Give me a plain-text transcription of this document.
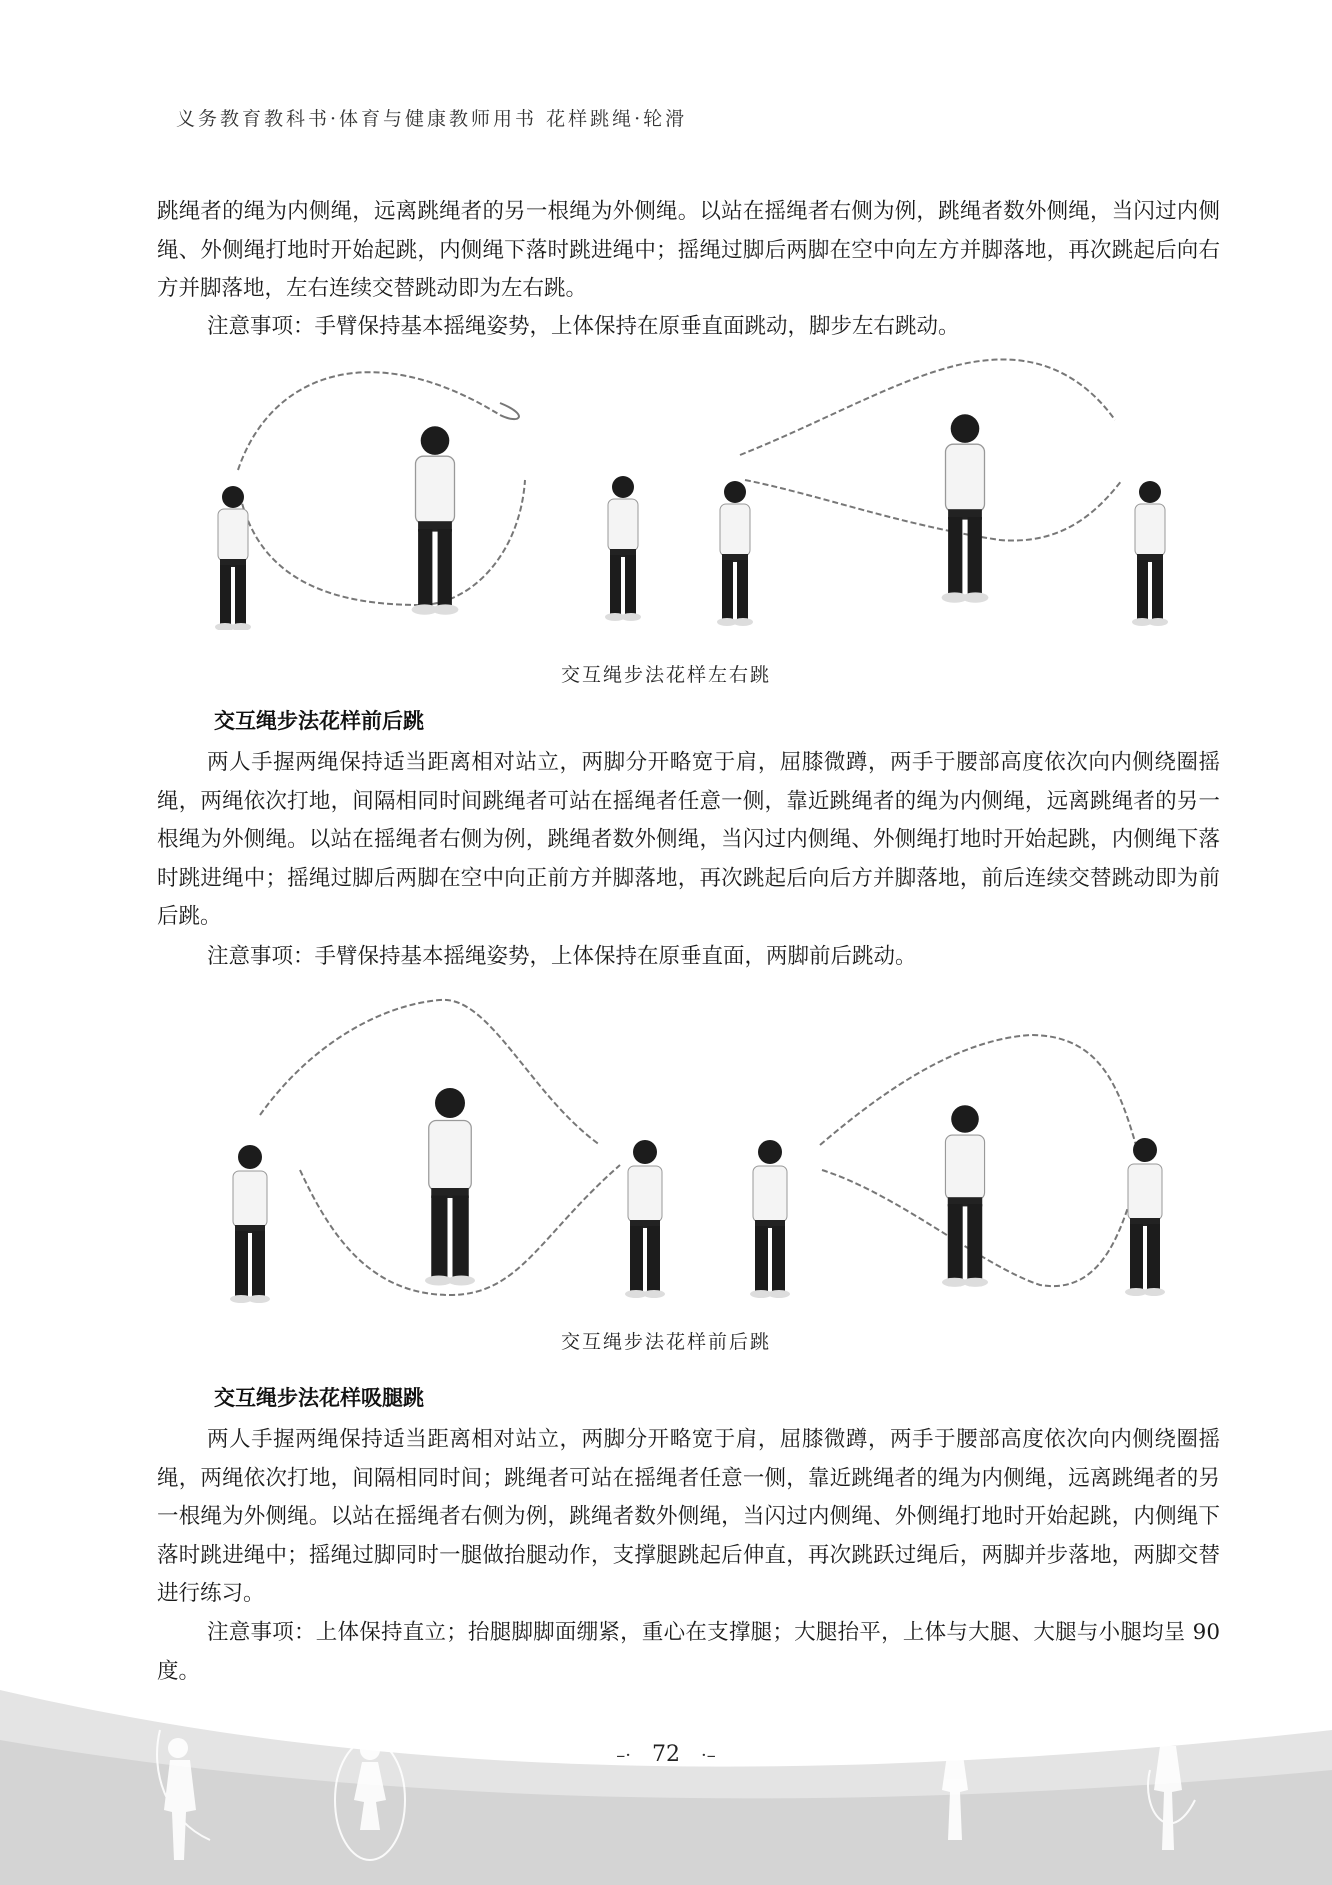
义务教育教科书·体育与健康教师用书 花样跳绳·轮滑

跳绳者的绳为内侧绳，远离跳绳者的另一根绳为外侧绳。以站在摇绳者右侧为例，跳绳者数外侧绳，当闪过内侧绳、外侧绳打地时开始起跳，内侧绳下落时跳进绳中；摇绳过脚后两脚在空中向左方并脚落地，再次跳起后向右方并脚落地，左右连续交替跳动即为左右跳。

注意事项：手臂保持基本摇绳姿势，上体保持在原垂直面跳动，脚步左右跳动。

交互绳步法花样左右跳
交互绳步法花样前后跳

两人手握两绳保持适当距离相对站立，两脚分开略宽于肩，屈膝微蹲，两手于腰部高度依次向内侧绕圈摇绳，两绳依次打地，间隔相同时间跳绳者可站在摇绳者任意一侧，靠近跳绳者的绳为内侧绳，远离跳绳者的另一根绳为外侧绳。以站在摇绳者右侧为例，跳绳者数外侧绳，当闪过内侧绳、外侧绳打地时开始起跳，内侧绳下落时跳进绳中；摇绳过脚后两脚在空中向正前方并脚落地，再次跳起后向后方并脚落地，前后连续交替跳动即为前后跳。

注意事项：手臂保持基本摇绳姿势，上体保持在原垂直面，两脚前后跳动。

交互绳步法花样前后跳
交互绳步法花样吸腿跳

两人手握两绳保持适当距离相对站立，两脚分开略宽于肩，屈膝微蹲，两手于腰部高度依次向内侧绕圈摇绳，两绳依次打地，间隔相同时间；跳绳者可站在摇绳者任意一侧，靠近跳绳者的绳为内侧绳，远离跳绳者的另一根绳为外侧绳。以站在摇绳者右侧为例，跳绳者数外侧绳，当闪过内侧绳、外侧绳打地时开始起跳，内侧绳下落时跳进绳中；摇绳过脚同时一腿做抬腿动作，支撑腿跳起后伸直，再次跳跃过绳后，两脚并步落地，两脚交替进行练习。

注意事项：上体保持直立；抬腿脚脚面绷紧，重心在支撑腿；大腿抬平，上体与大腿、大腿与小腿均呈 90 度。

–· 72 ·–
